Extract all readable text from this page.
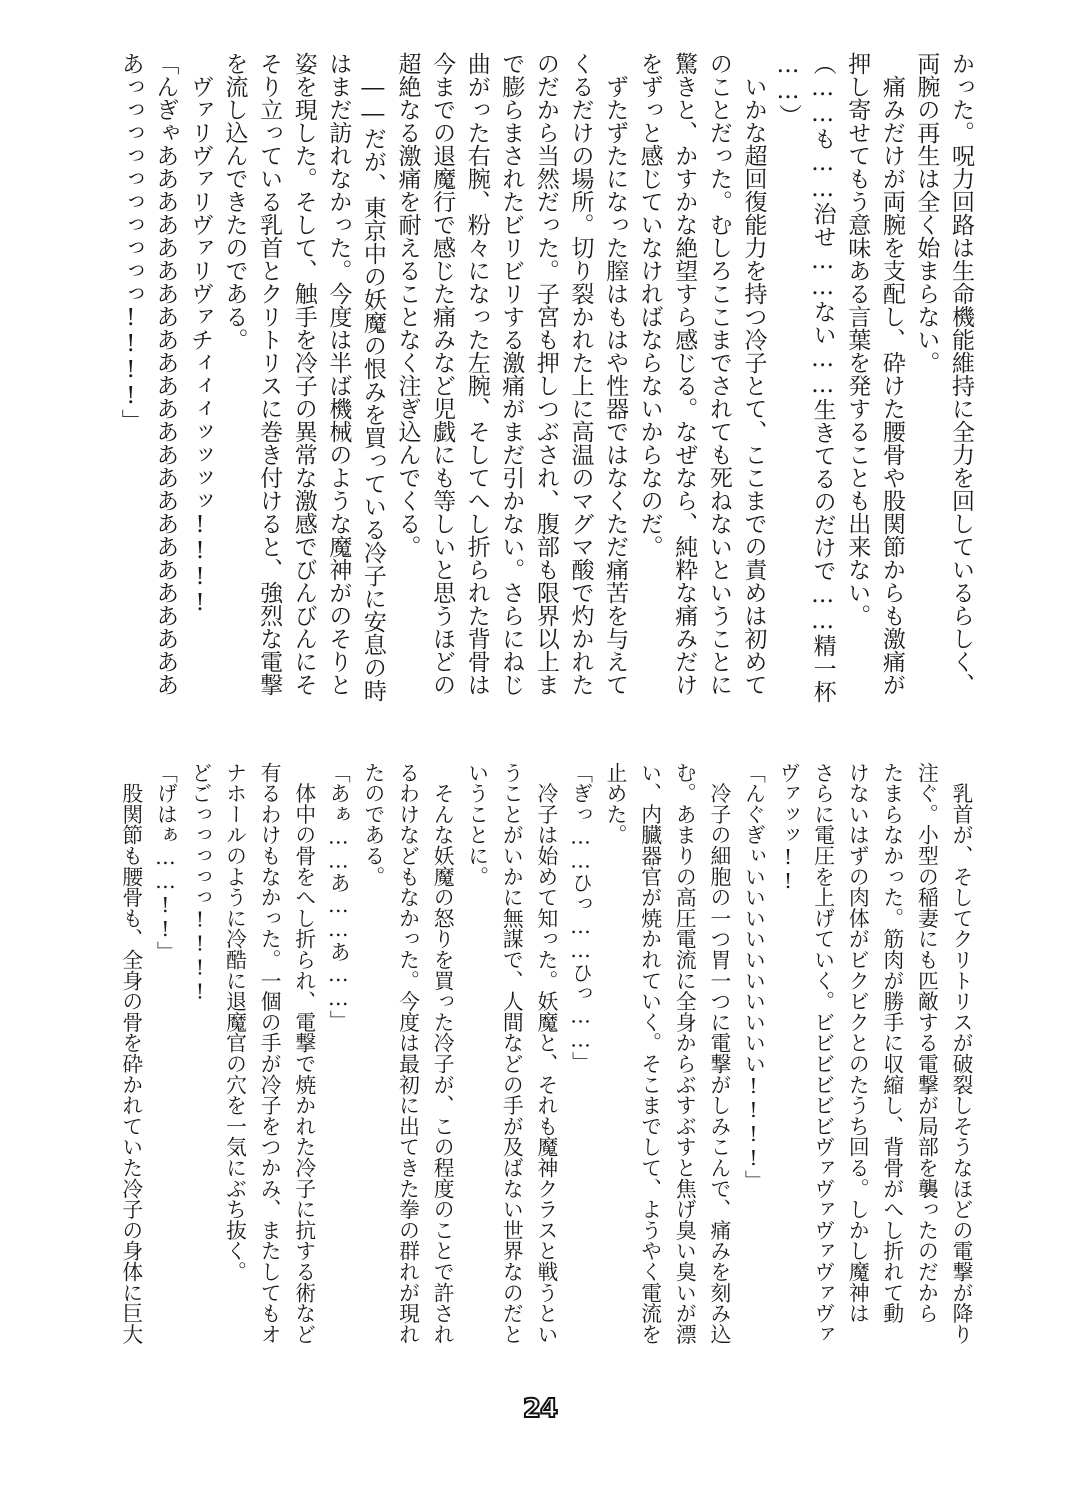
かった。呪力回路は生命機能維持に全力を回しているらしく、
両腕の再生は全く始まらない。
　痛みだけが両腕を支配し、砕けた腰骨や股関節からも激痛が
押し寄せてもう意味ある言葉を発することも出来ない。
（……も……治せ……ない……生きてるのだけで……精一杯
……）
　いかな超回復能力を持つ冷子とて、ここまでの責めは初めて
のことだった。むしろここまでされても死ねないということに
驚きと、かすかな絶望すら感じる。なぜなら、純粋な痛みだけ
をずっと感じていなければならないからなのだ。
　ずたずたになった膣はもはや性器ではなくただ痛苦を与えて
くるだけの場所。切り裂かれた上に高温のマグマ酸で灼かれた
のだから当然だった。子宮も押しつぶされ、腹部も限界以上ま
で膨らまされたビリビリする激痛がまだ引かない。さらにねじ
曲がった右腕、粉々になった左腕、そしてへし折られた背骨は
今までの退魔行で感じた痛みなど児戯にも等しいと思うほどの
超絶なる激痛を耐えることなく注ぎ込んでくる。
　――だが、東京中の妖魔の恨みを買っている冷子に安息の時
はまだ訪れなかった。今度は半ば機械のような魔神がのそりと
姿を現した。そして、触手を冷子の異常な激感でびんびんにそ
そり立っている乳首とクリトリスに巻き付けると、強烈な電撃
を流し込んできたのである。
　ヴァリヴァリヴァリヴァチィィィッッッッ!!!!
「んぎゃああああああああああああああああああああああああ
あっっっっっっっっっっ!!!!」
　乳首が、そしてクリトリスが破裂しそうなほどの電撃が降り
注ぐ。小型の稲妻にも匹敵する電撃が局部を襲ったのだから
たまらなかった。筋肉が勝手に収縮し、背骨がへし折れて動
けないはずの肉体がビクビクとのたうち回る。しかし魔神は
さらに電圧を上げていく。ビビビビビビヴァヴァヴァヴァヴァ
ヴァッッ!!
「んぐぎぃいいいいいいいいいい!!!!」
　冷子の細胞の一つ胃一つに電撃がしみこんで、痛みを刻み込
む。あまりの高圧電流に全身からぶすぶすと焦げ臭い臭いが漂
い、内臓器官が焼かれていく。そこまでして、ようやく電流を
止めた。
「ぎっ……ひっ……ひっ……」
　冷子は始めて知った。妖魔と、それも魔神クラスと戦うとい
うことがいかに無謀で、人間などの手が及ばない世界なのだと
いうことに。
　そんな妖魔の怒りを買った冷子が、この程度のことで許され
るわけなどもなかった。今度は最初に出てきた拳の群れが現れ
たのである。
「あぁ……あ……あ……」
　体中の骨をへし折られ、電撃で焼かれた冷子に抗する術など
有るわけもなかった。一個の手が冷子をつかみ、またしてもオ
ナホールのように冷酷に退魔官の穴を一気にぶち抜く。
どごっっっっっ!!!!
「げはぁ……!!」
　股関節も腰骨も、全身の骨を砕かれていた冷子の身体に巨大
24
